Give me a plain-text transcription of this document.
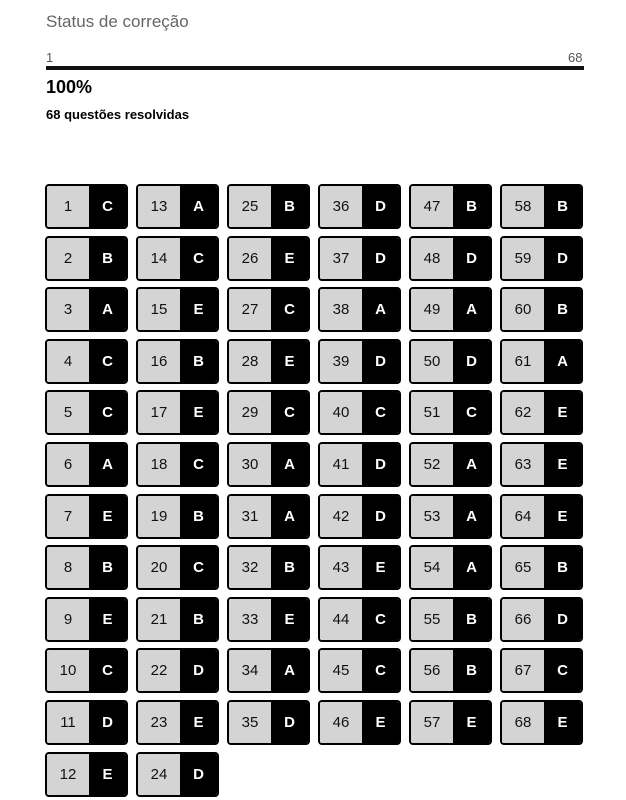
Status de correção
1	68
100%
68 questões resolvidas
1	C
2	B
3	A
4	C
5	C
6	A
7	E
8	B
9	E
10	C
11	D
12	E
13	A
14	C
15	E
16	B
17	E
18	C
19	B
20	C
21	B
22	D
23	E
24	D
25	B
26	E
27	C
28	E
29	C
30	A
31	A
32	B
33	E
34	A
35	D
36	D
37	D
38	A
39	D
40	C
41	D
42	D
43	E
44	C
45	C
46	E
47	B
48	D
49	A
50	D
51	C
52	A
53	A
54	A
55	B
56	B
57	E
58	B
59	D
60	B
61	A
62	E
63	E
64	E
65	B
66	D
67	C
68	E
